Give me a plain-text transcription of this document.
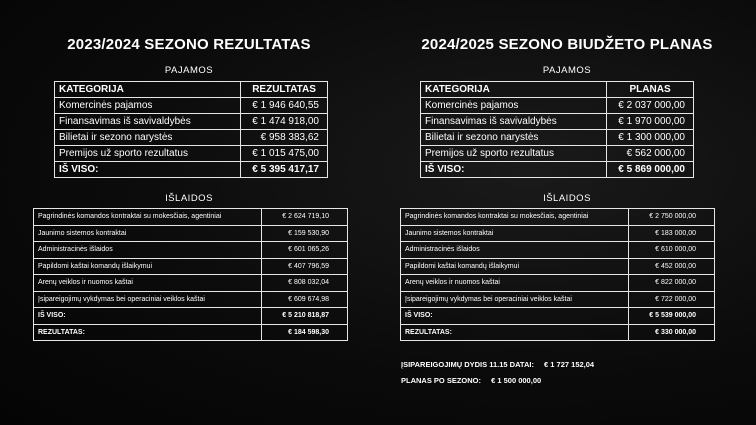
2023/2024 SEZONO REZULTATAS
PAJAMOS
KATEGORIJA	REZULTATAS
Komercinės pajamos	€ 1 946 640,55
Finansavimas iš savivaldybės	€ 1 474 918,00
Bilietai ir sezono narystės	€ 958 383,62
Premijos už sporto rezultatus	€ 1 015 475,00
IŠ VISO:	€ 5 395 417,17
IŠLAIDOS
Pagrindinės komandos kontraktai su mokesčiais, agentiniai	€ 2 624 719,10
Jaunimo sistemos kontraktai	€ 159 530,90
Administracinės išlaidos	€ 601 065,26
Papildomi kaštai komandų išlaikymui	€ 407 796,59
Arenų veiklos ir nuomos kaštai	€ 808 032,04
Įsipareigojimų vykdymas bei operaciniai veiklos kaštai	€ 609 674,98
IŠ VISO:	€ 5 210 818,87
REZULTATAS:	€ 184 598,30
2024/2025 SEZONO BIUDŽETO PLANAS
PAJAMOS
KATEGORIJA	PLANAS
Komercinės pajamos	€ 2 037 000,00
Finansavimas iš savivaldybės	€ 1 970 000,00
Bilietai ir sezono narystės	€ 1 300 000,00
Premijos už sporto rezultatus	€ 562 000,00
IŠ VISO:	€ 5 869 000,00
IŠLAIDOS
Pagrindinės komandos kontraktai su mokesčiais, agentiniai	€ 2 750 000,00
Jaunimo sistemos kontraktai	€ 183 000,00
Administracinės išlaidos	€ 610 000,00
Papildomi kaštai komandų išlaikymui	€ 452 000,00
Arenų veiklos ir nuomos kaštai	€ 822 000,00
Įsipareigojimų vykdymas bei operaciniai veiklos kaštai	€ 722 000,00
IŠ VISO:	€ 5 539 000,00
REZULTATAS:	€ 330 000,00
ĮSIPAREIGOJIMŲ DYDIS 11.15 DATAI: € 1 727 152,04
PLANAS PO SEZONO: € 1 500 000,00
